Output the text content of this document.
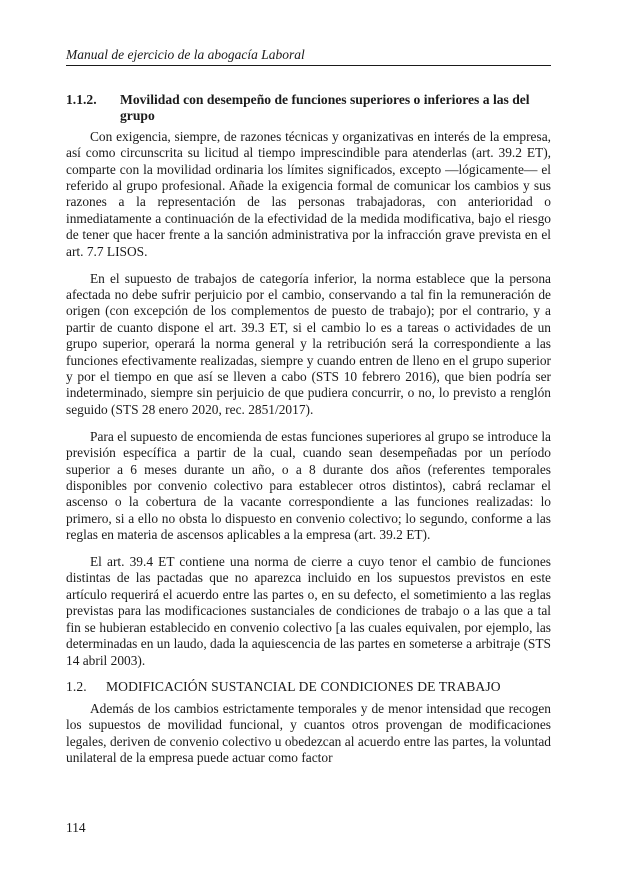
Manual de ejercicio de la abogacía Laboral
1.1.2.	Movilidad con desempeño de funciones superiores o inferiores a las del grupo

Con exigencia, siempre, de razones técnicas y organizativas en interés de la empresa, así como circunscrita su licitud al tiempo imprescindible para atenderlas (art. 39.2 ET), comparte con la movilidad ordinaria los límites significados, excepto —lógicamente— el referido al grupo profesional. Añade la exigencia formal de comunicar los cambios y sus razones a la representación de las personas trabajadoras, con anterioridad o inmediatamente a continuación de la efectividad de la medida modificativa, bajo el riesgo de tener que hacer frente a la sanción administrativa por la infracción grave prevista en el art. 7.7 LISOS.

En el supuesto de trabajos de categoría inferior, la norma establece que la persona afectada no debe sufrir perjuicio por el cambio, conservando a tal fin la remuneración de origen (con excepción de los complementos de puesto de trabajo); por el contrario, y a partir de cuanto dispone el art. 39.3 ET, si el cambio lo es a tareas o actividades de un grupo superior, operará la norma general y la retribución será la correspondiente a las funciones efectivamente realizadas, siempre y cuando entren de lleno en el grupo superior y por el tiempo en que así se lleven a cabo (STS 10 febrero 2016), que bien podría ser indeterminado, siempre sin perjuicio de que pudiera concurrir, o no, lo previsto a renglón seguido (STS 28 enero 2020, rec. 2851/2017).

Para el supuesto de encomienda de estas funciones superiores al grupo se introduce la previsión específica a partir de la cual, cuando sean desempeñadas por un período superior a 6 meses durante un año, o a 8 durante dos años (referentes temporales disponibles por convenio colectivo para establecer otros distintos), cabrá reclamar el ascenso o la cobertura de la vacante correspondiente a las funciones realizadas: lo primero, si a ello no obsta lo dispuesto en convenio colectivo; lo segundo, conforme a las reglas en materia de ascensos aplicables a la empresa (art. 39.2 ET).

El art. 39.4 ET contiene una norma de cierre a cuyo tenor el cambio de funciones distintas de las pactadas que no aparezca incluido en los supuestos previstos en este artículo requerirá el acuerdo entre las partes o, en su defecto, el sometimiento a las reglas previstas para las modificaciones sustanciales de condiciones de trabajo o a las que a tal fin se hubieran establecido en convenio colectivo [a las cuales equivalen, por ejemplo, las determinadas en un laudo, dada la aquiescencia de las partes en someterse a arbitraje (STS 14 abril 2003).

1.2.	MODIFICACIÓN SUSTANCIAL DE CONDICIONES DE TRABAJO

Además de los cambios estrictamente temporales y de menor intensidad que recogen los supuestos de movilidad funcional, y cuantos otros provengan de modificaciones legales, deriven de convenio colectivo u obedezcan al acuerdo entre las partes, la voluntad unilateral de la empresa puede actuar como factor

114
